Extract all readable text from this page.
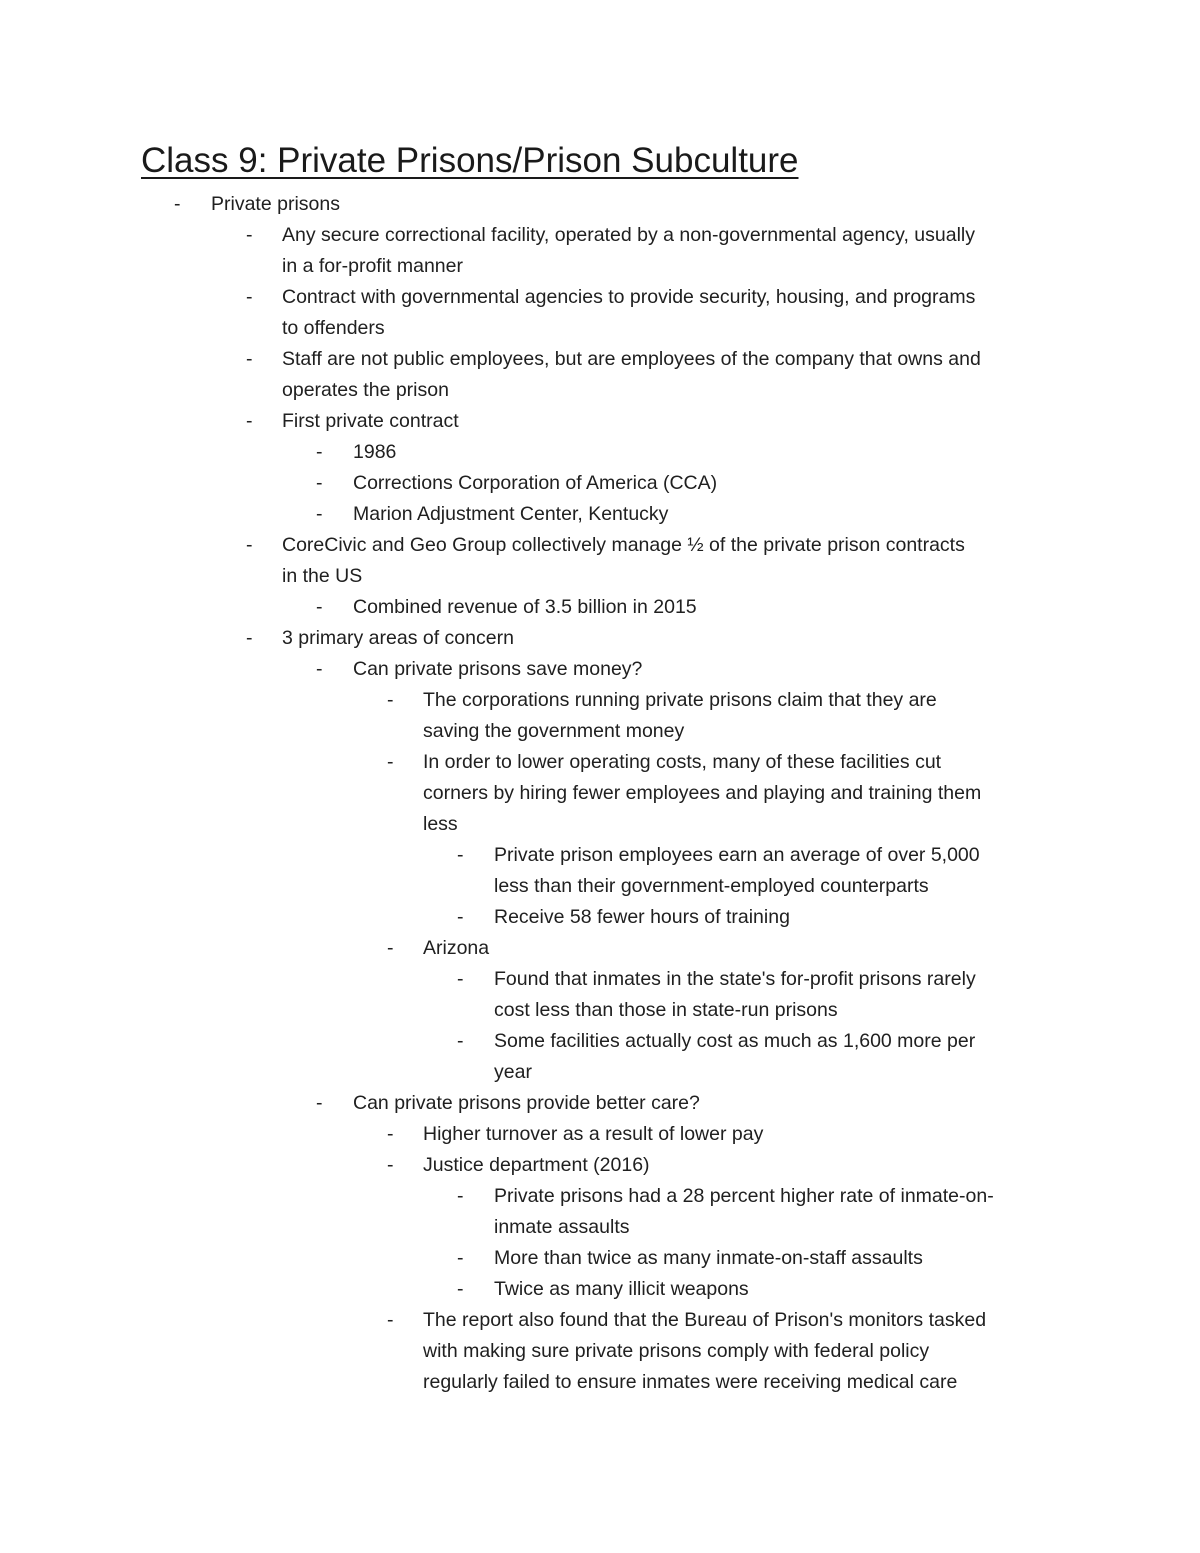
Class 9: Private Prisons/Prison Subculture
- Private prisons
- Any secure correctional facility, operated by a non-governmental agency, usually
in a for-profit manner
- Contract with governmental agencies to provide security, housing, and programs
to offenders
- Staff are not public employees, but are employees of the company that owns and
operates the prison
- First private contract
- 1986
- Corrections Corporation of America (CCA)
- Marion Adjustment Center, Kentucky
- CoreCivic and Geo Group collectively manage ½ of the private prison contracts
in the US
- Combined revenue of 3.5 billion in 2015
- 3 primary areas of concern
- Can private prisons save money?
- The corporations running private prisons claim that they are
saving the government money
- In order to lower operating costs, many of these facilities cut
corners by hiring fewer employees and playing and training them
less
- Private prison employees earn an average of over 5,000
less than their government-employed counterparts
- Receive 58 fewer hours of training
- Arizona
- Found that inmates in the state's for-profit prisons rarely
cost less than those in state-run prisons
- Some facilities actually cost as much as 1,600 more per
year
- Can private prisons provide better care?
- Higher turnover as a result of lower pay
- Justice department (2016)
- Private prisons had a 28 percent higher rate of inmate-on-
inmate assaults
- More than twice as many inmate-on-staff assaults
- Twice as many illicit weapons
- The report also found that the Bureau of Prison's monitors tasked
with making sure private prisons comply with federal policy
regularly failed to ensure inmates were receiving medical care
